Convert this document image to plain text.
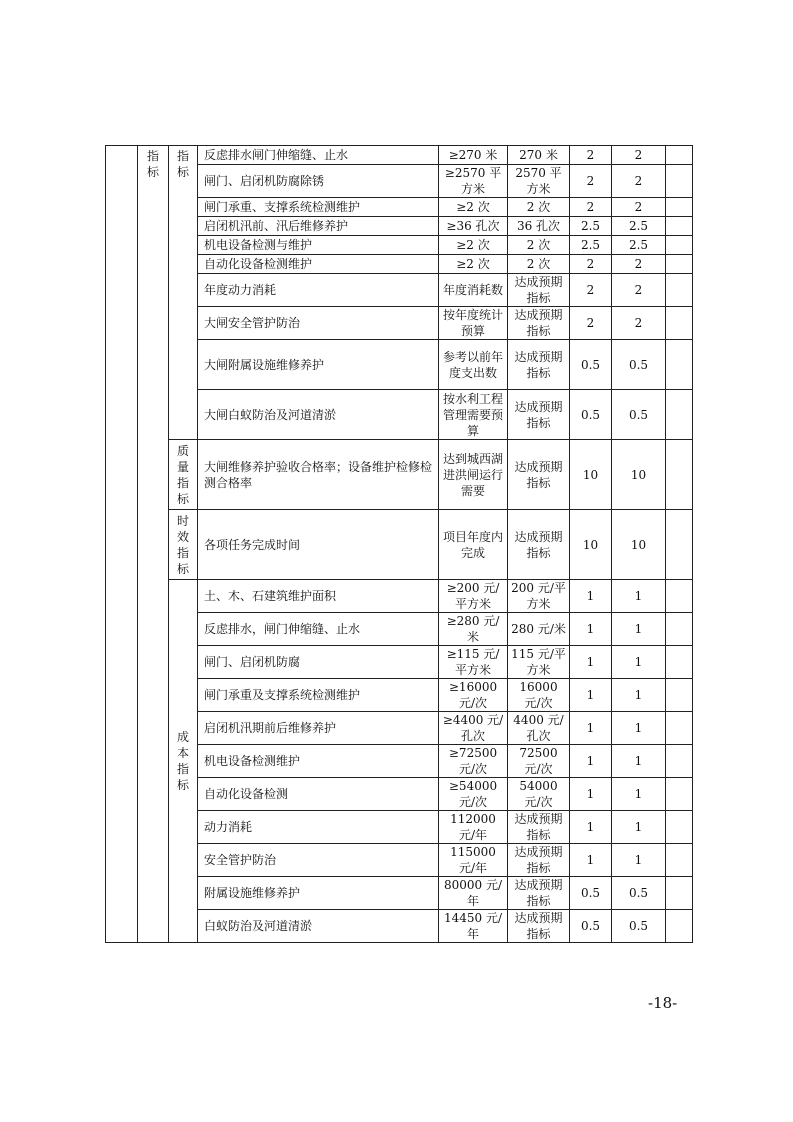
	指标	指标	反虑排水闸门伸缩缝、止水	≥270 米	270 米	2	2	
			闸门、启闭机防腐除锈	≥2570 平方米	2570 平方米	2	2	
			闸门承重、支撑系统检测维护	≥2 次	2 次	2	2	
			启闭机汛前、汛后维修养护	≥36 孔次	36 孔次	2.5	2.5	
			机电设备检测与维护	≥2 次	2 次	2.5	2.5	
			自动化设备检测维护	≥2 次	2 次	2	2	
			年度动力消耗	年度消耗数	达成预期指标	2	2	
			大闸安全管护防治	按年度统计预算	达成预期指标	2	2	
			大闸附属设施维修养护	参考以前年度支出数	达成预期指标	0.5	0.5	
			大闸白蚁防治及河道清淤	按水利工程管理需要预算	达成预期指标	0.5	0.5	

		质量指标	大闸维修养护验收合格率；设备维护检修检测合格率	达到城西湖进洪闸运行需要	达成预期指标	10	10	

		时效指标	各项任务完成时间	项目年度内完成	达成预期指标	10	10	

		成本指标	土、木、石建筑维护面积	≥200 元/平方米	200 元/平方米	1	1	
			反虑排水，闸门伸缩缝、止水	≥280 元/米	280 元/米	1	1	
			闸门、启闭机防腐	≥115 元/平方米	115 元/平方米	1	1	
			闸门承重及支撑系统检测维护	≥16000 元/次	16000 元/次	1	1	
			启闭机汛期前后维修养护	≥4400 元/孔次	4400 元/孔次	1	1	
			机电设备检测维护	≥72500 元/次	72500 元/次	1	1	
			自动化设备检测	≥54000 元/次	54000 元/次	1	1	
			动力消耗	112000 元/年	达成预期指标	1	1	
			安全管护防治	115000 元/年	达成预期指标	1	1	
			附属设施维修养护	80000 元/年	达成预期指标	0.5	0.5	
			白蚁防治及河道清淤	14450 元/年	达成预期指标	0.5	0.5	
-18-
